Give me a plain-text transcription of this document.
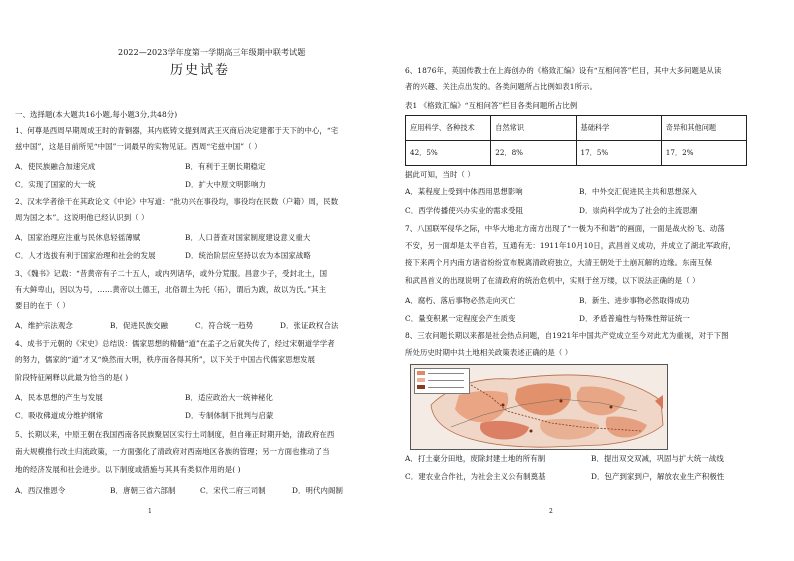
2022—2023学年度第一学期高三年级期中联考试题
历史试卷
一、选择题(本大题共16小题,每小题3分,共48分)
1、何尊是西周早期周成王时的青铜器，其内底铸文提到周武王灭商后决定建都于天下的中心，“宅
兹中国”，这是目前所见“中国”一词最早的实物见证。西周“宅兹中国”（ ）
A．使民族融合加速完成	B．有利于王朝长期稳定
C．实现了国家的大一统	D．扩大中原文明影响力
2、汉末学者徐干在其政论文《中论》中写道：“批功兴在事役均，事役均在民数（户籍）周，民数
周为国之本”。这说明他已经认识到（ ）
A．国家治理应注重与民休息轻徭薄赋	B．人口普查对国家制度建设意义重大
C．人才选拔有利于国家治理和社会的发展	D．统治阶层应坚持以农为本国家战略
3、《魏书》记载：“昔黄帝有子二十五人，或内列诸华，或外分荒服。昌意少子，受封北土，国
有大鲜卑山，因以为号，……黄帝以土德王，北俗谓土为托（拓），谓后为跋，故以为氏。”其主
要目的在于（ ）
A．维护宗法观念	B．促进民族交融	C．符合统一趋势	D．张证政权合法
4、成书于元朝的《宋史》总结说：儒家思想的精髓“道”在孟子之后就失传了，经过宋朝道学学者
的努力，儒家的“道”才又“焕然而大明，秩序而各得其所”，以下关于中国古代儒家思想发展
阶段特征阐释以此最为恰当的是( )
A．民本思想的产生与发展	B．适应政治大一统神秘化
C．吸收佛道成分维护纲常	D．专制体制下批判与启蒙
5、长期以来，中原王朝在我国西南各民族聚居区实行土司制度，但自雍正时期开始，清政府在西
南大规模推行改土归流政策，一方面强化了清政府对西南地区各族的管理；另一方面也推动了当
地的经济发展和社会进步。以下制度或措施与其具有类似作用的是( )
A．西汉推恩令	B．唐朝三省六部制	C．宋代二府三司制	D．明代内阁制
1
6、1876年，英国传教士在上海创办的《格致汇编》设有“互相问答”栏目，其中大多问题是从读
者的兴趣、关注点出发的。各类问题所占比例如表1所示。
表1 《格致汇编》“互相问答”栏目各类问题所占比例
应用科学、各种技术	自然常识	基础科学	奇异和其他问题
42．5%	22．8%	17．5%	17．2%
据此可知，当时（ ）
A．某程度上受到中体西用思想影响	B．中外交汇促进民主共和思想深入
C．西学传播使兴办实业的需求受阻	D．崇尚科学成为了社会的主流思潮
7、八国联军侵华之际，中华大地北方南方出现了“一极为不和谐”的画面，一面是战火纷飞、动荡
不安，另一面却是太平自若，互通有无：1911年10月10日，武昌首义成功，并成立了湖北军政府，
接下来两个月内南方诸省纷纷宣布脱离清政府独立，大清王朝处于土崩瓦解的边缘。东南互保
和武昌首义的出现说明了在清政府的统治危机中，实则于丝万缕，以下说法正确的是（ ）
A．腐朽、落后事物必然走向灭亡	B．新生、进步事物必然取得成功
C．量变积累一定程度会产生质变	D．矛盾普遍性与特殊性辩证统一
8、三农问题长期以来都是社会热点问题，自1921年中国共产党成立至今对此尤为重视，对于下图
所处历史时期中共土地相关政策表述正确的是（ ）
A．打土豪分田地，废除封建土地的所有制	B．提出双交双减，巩固与扩大统一战线
C．建农业合作社，为社会主义公有制奠基	D．包产到家到户，解放农业生产积极性
2
